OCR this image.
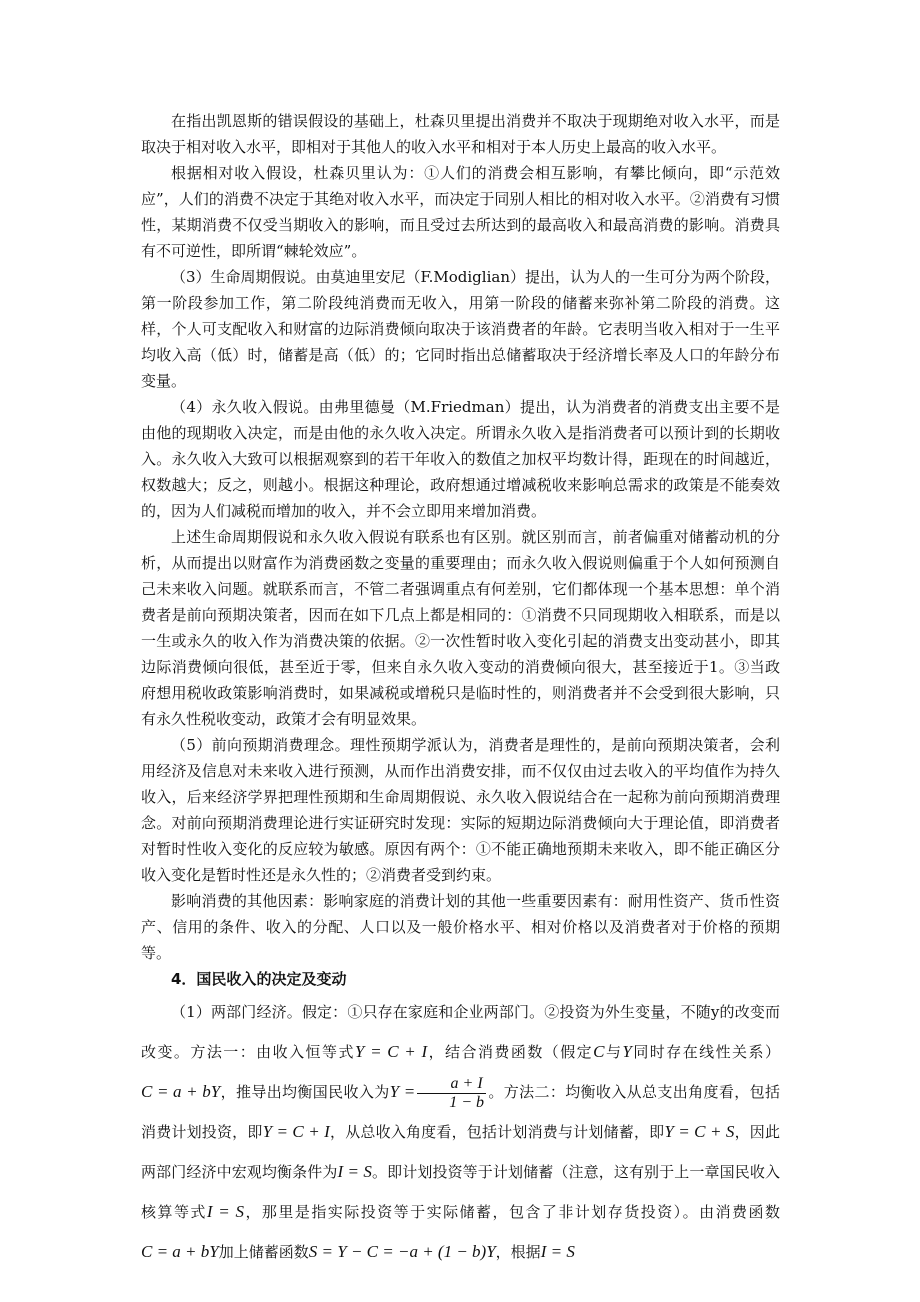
在指出凯恩斯的错误假设的基础上，杜森贝里提出消费并不取决于现期绝对收入水平，而是取决于相对收入水平，即相对于其他人的收入水平和相对于本人历史上最高的收入水平。

根据相对收入假设，杜森贝里认为：①人们的消费会相互影响，有攀比倾向，即“示范效应”，人们的消费不决定于其绝对收入水平，而决定于同别人相比的相对收入水平。②消费有习惯性，某期消费不仅受当期收入的影响，而且受过去所达到的最高收入和最高消费的影响。消费具有不可逆性，即所谓“棘轮效应”。

（3）生命周期假说。由莫迪里安尼（F.Modiglian）提出，认为人的一生可分为两个阶段，第一阶段参加工作，第二阶段纯消费而无收入，用第一阶段的储蓄来弥补第二阶段的消费。这样，个人可支配收入和财富的边际消费倾向取决于该消费者的年龄。它表明当收入相对于一生平均收入高（低）时，储蓄是高（低）的；它同时指出总储蓄取决于经济增长率及人口的年龄分布变量。

（4）永久收入假说。由弗里德曼（M.Friedman）提出，认为消费者的消费支出主要不是由他的现期收入决定，而是由他的永久收入决定。所谓永久收入是指消费者可以预计到的长期收入。永久收入大致可以根据观察到的若干年收入的数值之加权平均数计得，距现在的时间越近，权数越大；反之，则越小。根据这种理论，政府想通过增减税收来影响总需求的政策是不能奏效的，因为人们减税而增加的收入，并不会立即用来增加消费。

上述生命周期假说和永久收入假说有联系也有区别。就区别而言，前者偏重对储蓄动机的分析，从而提出以财富作为消费函数之变量的重要理由；而永久收入假说则偏重于个人如何预测自己未来收入问题。就联系而言，不管二者强调重点有何差别，它们都体现一个基本思想：单个消费者是前向预期决策者，因而在如下几点上都是相同的：①消费不只同现期收入相联系，而是以一生或永久的收入作为消费决策的依据。②一次性暂时收入变化引起的消费支出变动甚小，即其边际消费倾向很低，甚至近于零，但来自永久收入变动的消费倾向很大，甚至接近于1。③当政府想用税收政策影响消费时，如果减税或增税只是临时性的，则消费者并不会受到很大影响，只有永久性税收变动，政策才会有明显效果。

（5）前向预期消费理念。理性预期学派认为，消费者是理性的，是前向预期决策者，会利用经济及信息对未来收入进行预测，从而作出消费安排，而不仅仅由过去收入的平均值作为持久收入，后来经济学界把理性预期和生命周期假说、永久收入假说结合在一起称为前向预期消费理念。对前向预期消费理论进行实证研究时发现：实际的短期边际消费倾向大于理论值，即消费者对暂时性收入变化的反应较为敏感。原因有两个：①不能正确地预期未来收入，即不能正确区分收入变化是暂时性还是永久性的；②消费者受到约束。

影响消费的其他因素：影响家庭的消费计划的其他一些重要因素有：耐用性资产、货币性资产、信用的条件、收入的分配、人口以及一般价格水平、相对价格以及消费者对于价格的预期等。

4．国民收入的决定及变动

（1）两部门经济。假定：①只存在家庭和企业两部门。②投资为外生变量，不随y的改变而改变。方法一：由收入恒等式Y = C + I，结合消费函数（假定C与Y同时存在线性关系）C = a + bY，推导出均衡国民收入为$Y = \frac{a + I}{1 - b}$ 。方法二：均衡收入从总支出角度看，包括消费计划投资，即Y = C + I，从总收入角度看，包括计划消费与计划储蓄，即Y = C + S，因此两部门经济中宏观均衡条件为I = S。即计划投资等于计划储蓄（注意，这有别于上一章国民收入核算等式I = S，那里是指实际投资等于实际储蓄，包含了非计划存货投资）。由消费函数C = a + bY加上储蓄函数S = Y − C = −a + (1 − b)Y，根据I = S
